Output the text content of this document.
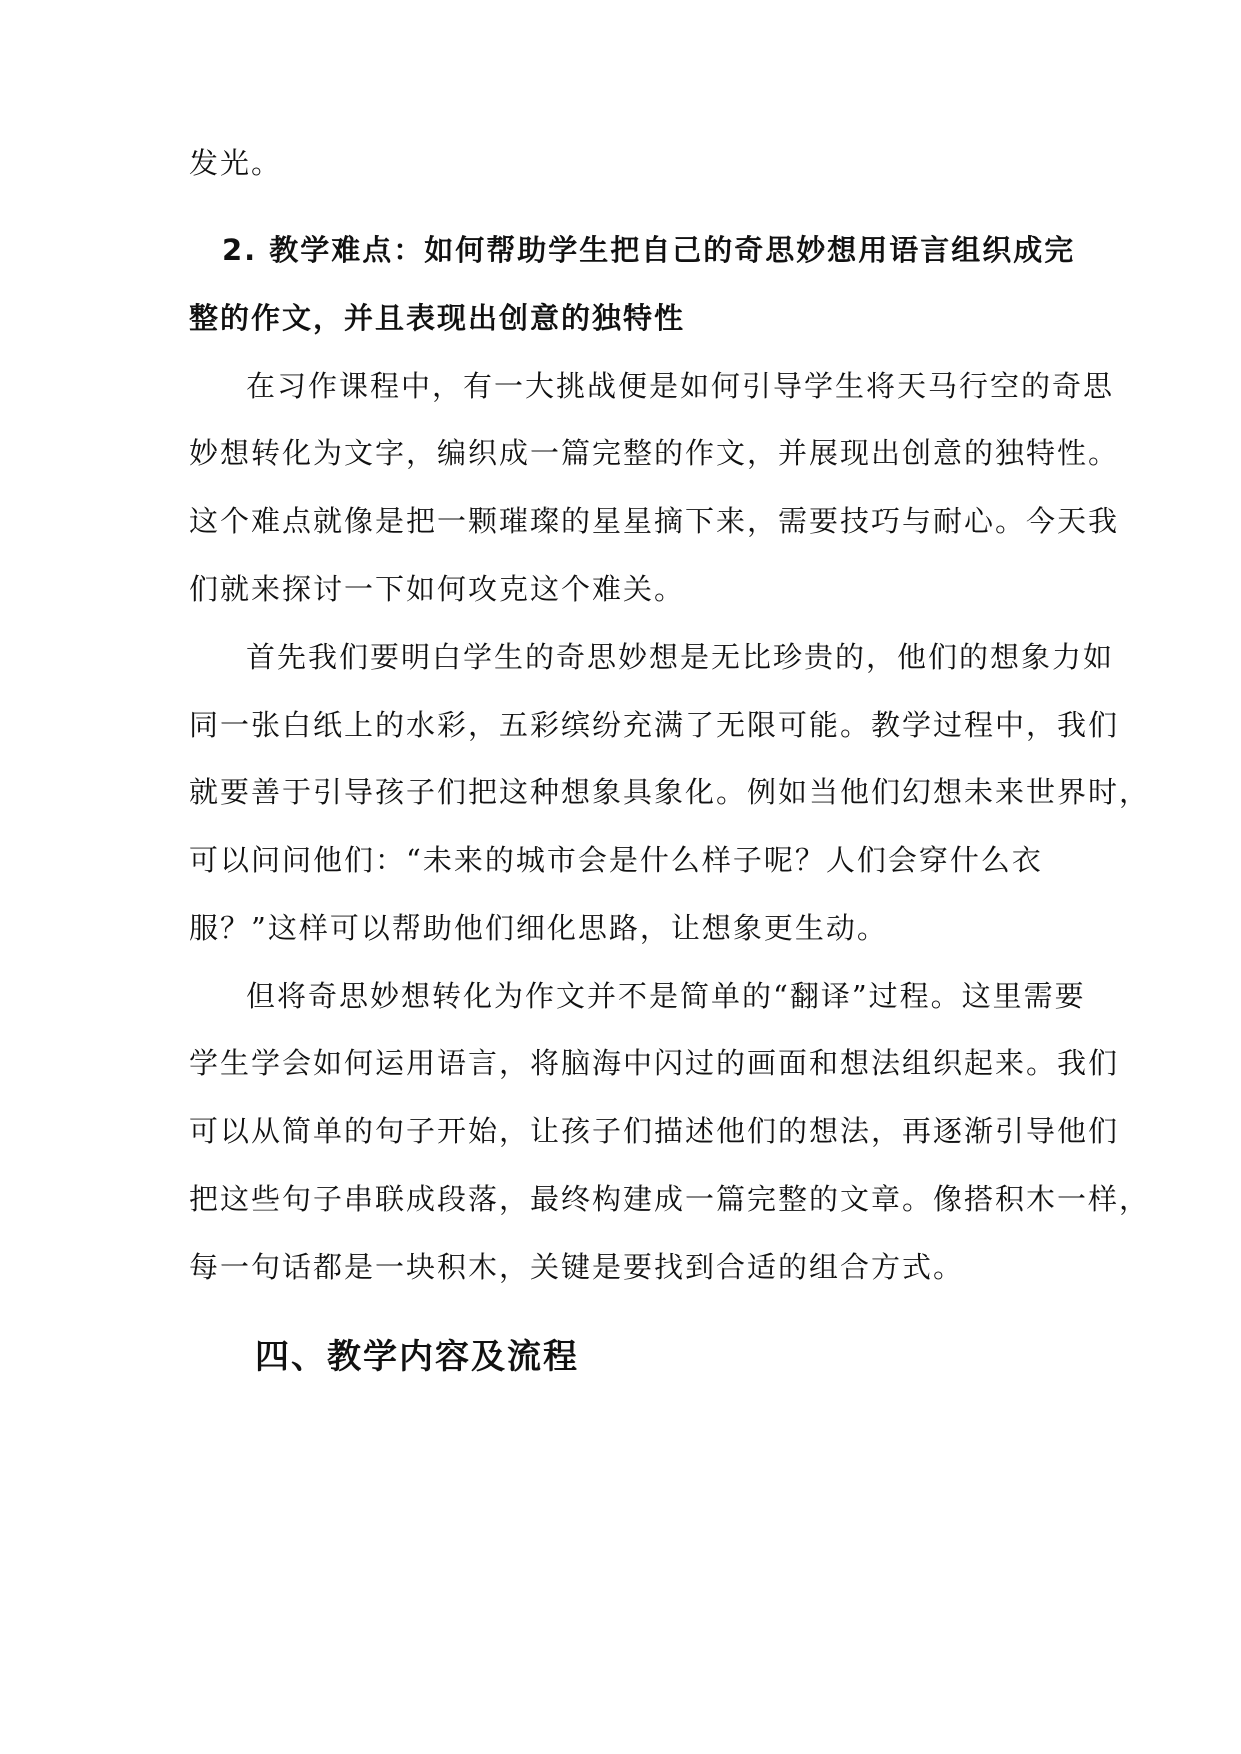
发光。
2. 教学难点：如何帮助学生把自己的奇思妙想用语言组织成完
整的作文，并且表现出创意的独特性
在习作课程中，有一大挑战便是如何引导学生将天马行空的奇思
妙想转化为文字，编织成一篇完整的作文，并展现出创意的独特性。
这个难点就像是把一颗璀璨的星星摘下来，需要技巧与耐心。今天我
们就来探讨一下如何攻克这个难关。
首先我们要明白学生的奇思妙想是无比珍贵的，他们的想象力如
同一张白纸上的水彩，五彩缤纷充满了无限可能。教学过程中，我们
就要善于引导孩子们把这种想象具象化。例如当他们幻想未来世界时，
可以问问他们：“未来的城市会是什么样子呢？人们会穿什么衣
服？”这样可以帮助他们细化思路，让想象更生动。
但将奇思妙想转化为作文并不是简单的“翻译”过程。这里需要
学生学会如何运用语言，将脑海中闪过的画面和想法组织起来。我们
可以从简单的句子开始，让孩子们描述他们的想法，再逐渐引导他们
把这些句子串联成段落，最终构建成一篇完整的文章。像搭积木一样，
每一句话都是一块积木，关键是要找到合适的组合方式。
四、教学内容及流程
